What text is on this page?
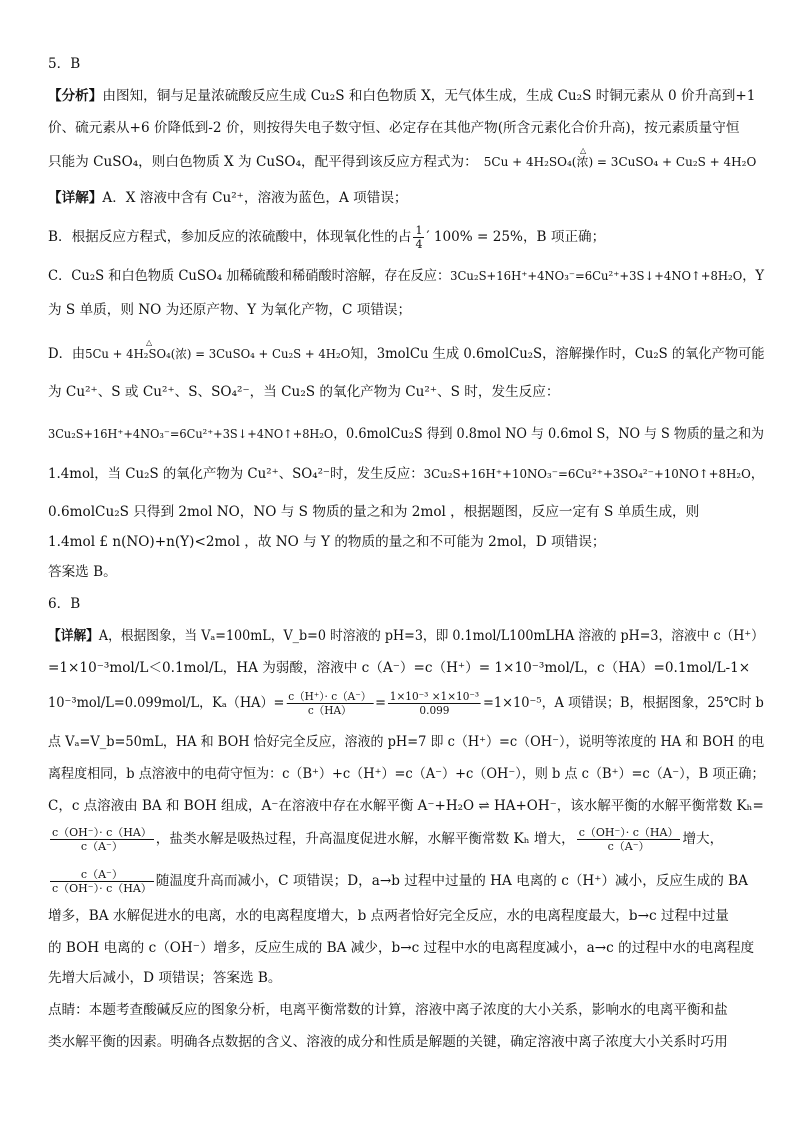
5．B
【分析】由图知，铜与足量浓硫酸反应生成 Cu₂S 和白色物质 X，无气体生成，生成 Cu₂S 时铜元素从 0 价升高到+1
价、硫元素从+6 价降低到-2 价，则按得失电子数守恒、必定存在其他产物(所含元素化合价升高)，按元素质量守恒
只能为 CuSO₄，则白色物质 X 为 CuSO₄，配平得到该反应方程式为： 5Cu + 4H₂SO₄(浓) = 3CuSO₄ + Cu₂S + 4H₂O
△
【详解】A．X 溶液中含有 Cu²⁺，溶液为蓝色，A 项错误；
B．根据反应方程式，参加反应的浓硫酸中，体现氧化性的占 $\frac{1}{4}$ ′ 100% = 25%，B 项正确；
C．Cu₂S 和白色物质 CuSO₄ 加稀硫酸和稀硝酸时溶解，存在反应：3Cu₂S+16H⁺+4NO₃⁻=6Cu²⁺+3S↓+4NO↑+8H₂O，Y
为 S 单质，则 NO 为还原产物、Y 为氧化产物，C 项错误；
D．由5Cu + 4H₂SO₄(浓) = 3CuSO₄ + Cu₂S + 4H₂O知，3molCu 生成 0.6molCu₂S，溶解操作时，Cu₂S 的氧化产物可能
△
为 Cu²⁺、S 或 Cu²⁺、S、SO₄²⁻，当 Cu₂S 的氧化产物为 Cu²⁺、S 时，发生反应：
3Cu₂S+16H⁺+4NO₃⁻=6Cu²⁺+3S↓+4NO↑+8H₂O，0.6molCu₂S 得到 0.8mol NO 与 0.6mol S，NO 与 S 物质的量之和为
1.4mol，当 Cu₂S 的氧化产物为 Cu²⁺、SO₄²⁻时，发生反应：3Cu₂S+16H⁺+10NO₃⁻=6Cu²⁺+3SO₄²⁻+10NO↑+8H₂O，
0.6molCu₂S 只得到 2mol NO，NO 与 S 物质的量之和为 2mol ，根据题图，反应一定有 S 单质生成，则
1.4mol £ n(NO)+n(Y)<2mol ，故 NO 与 Y 的物质的量之和不可能为 2mol，D 项错误；
答案选 B。
6．B
【详解】A，根据图象，当 Vₐ=100mL，V_b=0 时溶液的 pH=3，即 0.1mol/L100mLHA 溶液的 pH=3，溶液中 c（H⁺）
=1×10⁻³mol/L＜0.1mol/L，HA 为弱酸，溶液中 c（A⁻）=c（H⁺）= 1×10⁻³mol/L，c（HA）=0.1mol/L-1×
10⁻³mol/L=0.099mol/L，$K_a(HA)= \frac{c(H^+)\cdot c(A^-)}{c(HA)} = \frac{\text{1×10⁻³ ×1×10⁻³}}{0.099} =1\times 10^{-5}$，A 项错误；B，根据图象，25℃时 b
点 Vₐ=V_b=50mL，HA 和 BOH 恰好完全反应，溶液的 pH=7 即 c（H⁺）=c（OH⁻），说明等浓度的 HA 和 BOH 的电
离程度相同，b 点溶液中的电荷守恒为：c（B⁺）+c（H⁺）=c（A⁻）+c（OH⁻），则 b 点 c（B⁺）=c（A⁻），B 项正确；
C，c 点溶液由 BA 和 BOH 组成，A⁻在溶液中存在水解平衡 A⁻+H₂O ⇌ HA+OH⁻，该水解平衡的水解平衡常数 Kₕ=
$\frac{c(OH^-)\cdot c(HA)}{c(A^-)}$ ，盐类水解是吸热过程，升高温度促进水解，水解平衡常数 Kₕ 增大， $\frac{c(OH^-)\cdot c(HA)}{c(A^-)}$ 增大，
$\frac{c(A^-)}{c(OH^-)\cdot c(HA)}$ 随温度升高而减小，C 项错误；D，a→b 过程中过量的 HA 电离的 c（H⁺）减小，反应生成的 BA
增多，BA 水解促进水的电离，水的电离程度增大，b 点两者恰好完全反应，水的电离程度最大，b→c 过程中过量
的 BOH 电离的 c（OH⁻）增多，反应生成的 BA 减少，b→c 过程中水的电离程度减小，a→c 的过程中水的电离程度
先增大后减小，D 项错误；答案选 B。
点睛：本题考查酸碱反应的图象分析，电离平衡常数的计算，溶液中离子浓度的大小关系，影响水的电离平衡和盐
类水解平衡的因素。明确各点数据的含义、溶液的成分和性质是解题的关键，确定溶液中离子浓度大小关系时巧用
